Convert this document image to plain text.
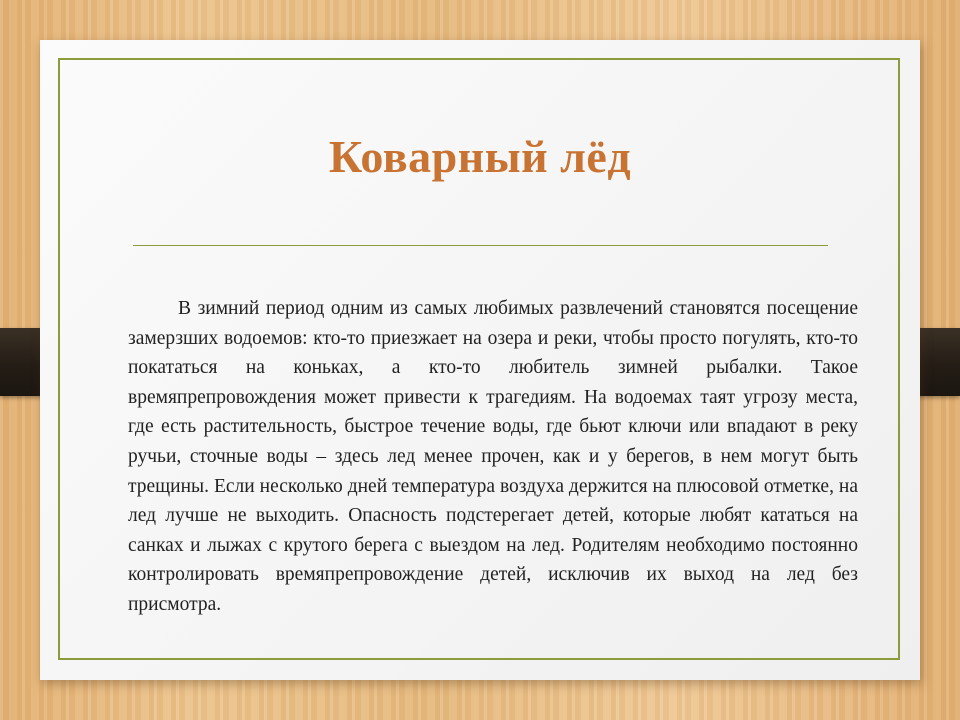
Коварный лёд

В зимний период одним из самых любимых развлечений становятся посещение замерзших водоемов: кто-то приезжает на озера и реки, чтобы просто погулять, кто-то покататься на коньках, а кто-то любитель зимней рыбалки. Такое времяпрепровождения может привести к трагедиям. На водоемах таят угрозу места, где есть растительность, быстрое течение воды, где бьют ключи или впадают в реку ручьи, сточные воды – здесь лед менее прочен, как и у берегов, в нем могут быть трещины. Если несколько дней температура воздуха держится на плюсовой отметке, на лед лучше не выходить. Опасность подстерегает детей, которые любят кататься на санках и лыжах с крутого берега с выездом на лед. Родителям необходимо постоянно контролировать времяпрепровождение детей, исключив их выход на лед без присмотра.
